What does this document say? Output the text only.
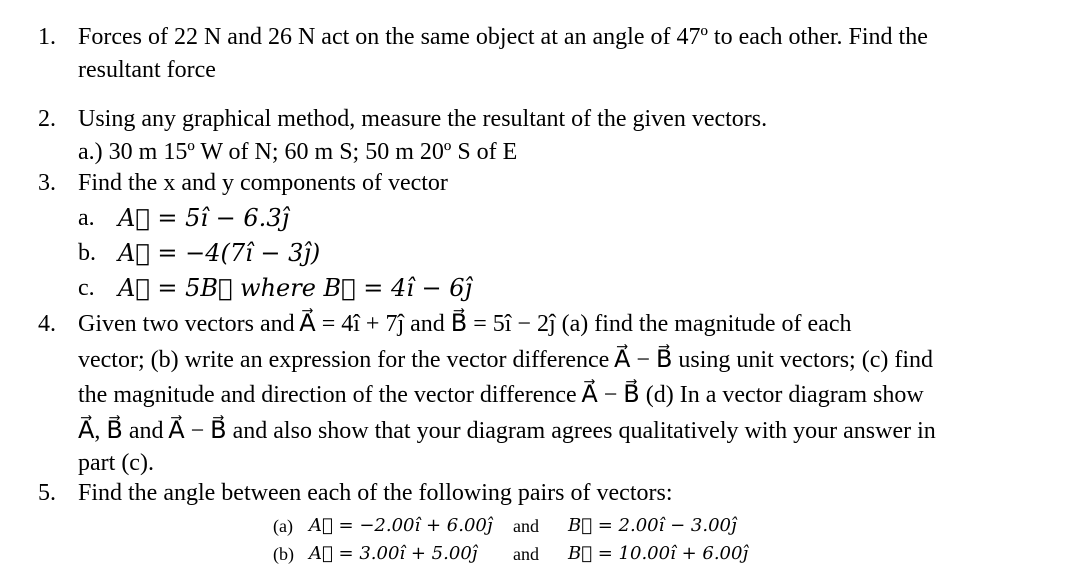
1. Forces of 22 N and 26 N act on the same object at an angle of 47º to each other. Find the
resultant force
2. Using any graphical method, measure the resultant of the given vectors.
a.) 30 m 15º W of N; 60 m S; 50 m 20º S of E
3. Find the x and y components of vector
a. A⃗ = 5î − 6.3ĵ
b. A⃗ = −4(7î − 3ĵ)
c. A⃗ = 5B⃗ where B⃗ = 4î − 6ĵ
4. Given two vectors and A⃗ = 4î + 7ĵ and B⃗ = 5î − 2ĵ (a) find the magnitude of each
vector; (b) write an expression for the vector difference A⃗ − B⃗ using unit vectors; (c) find
the magnitude and direction of the vector difference A⃗ − B⃗ (d) In a vector diagram show
A⃗, B⃗ and A⃗ − B⃗ and also show that your diagram agrees qualitatively with your answer in
part (c).
5. Find the angle between each of the following pairs of vectors:
(a) A⃗ = −2.00î + 6.00ĵ and B⃗ = 2.00î − 3.00ĵ
(b) A⃗ = 3.00î + 5.00ĵ and B⃗ = 10.00î + 6.00ĵ
